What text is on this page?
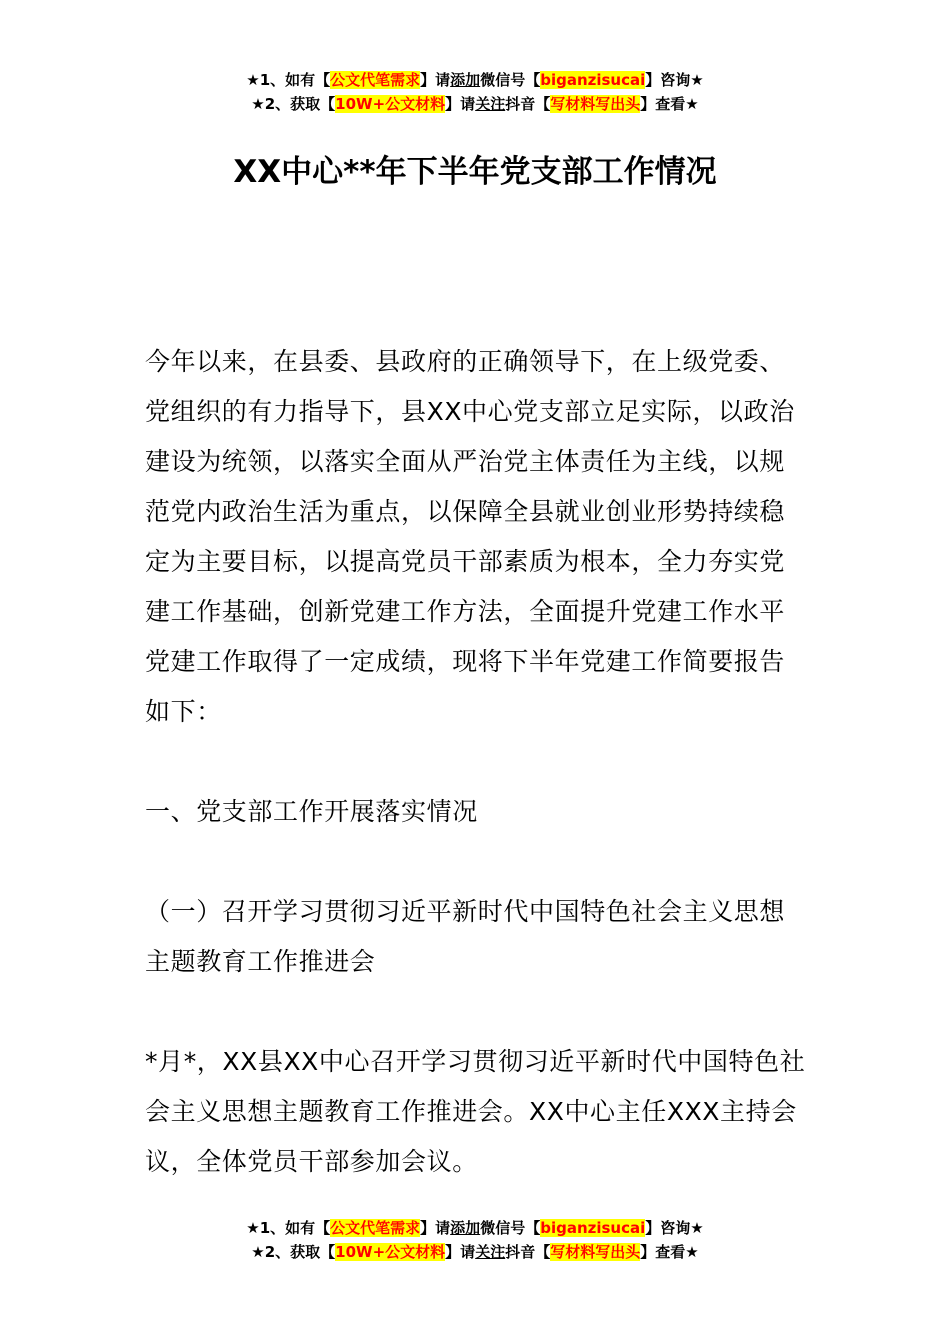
★1、如有【公文代笔需求】请添加微信号【biganzisucai】咨询★
★2、获取【10W+公文材料】请关注抖音【写材料写出头】查看★
XX中心**年下半年党支部工作情况
今年以来，在县委、县政府的正确领导下，在上级党委、
党组织的有力指导下，县XX中心党支部立足实际，以政治
建设为统领，以落实全面从严治党主体责任为主线，以规
范党内政治生活为重点，以保障全县就业创业形势持续稳
定为主要目标，以提高党员干部素质为根本，全力夯实党
建工作基础，创新党建工作方法，全面提升党建工作水平
党建工作取得了一定成绩，现将下半年党建工作简要报告
如下：
一、党支部工作开展落实情况
（一）召开学习贯彻习近平新时代中国特色社会主义思想
主题教育工作推进会
*月*，XX县XX中心召开学习贯彻习近平新时代中国特色社
会主义思想主题教育工作推进会。XX中心主任XXX主持会
议，全体党员干部参加会议。
★1、如有【公文代笔需求】请添加微信号【biganzisucai】咨询★
★2、获取【10W+公文材料】请关注抖音【写材料写出头】查看★
